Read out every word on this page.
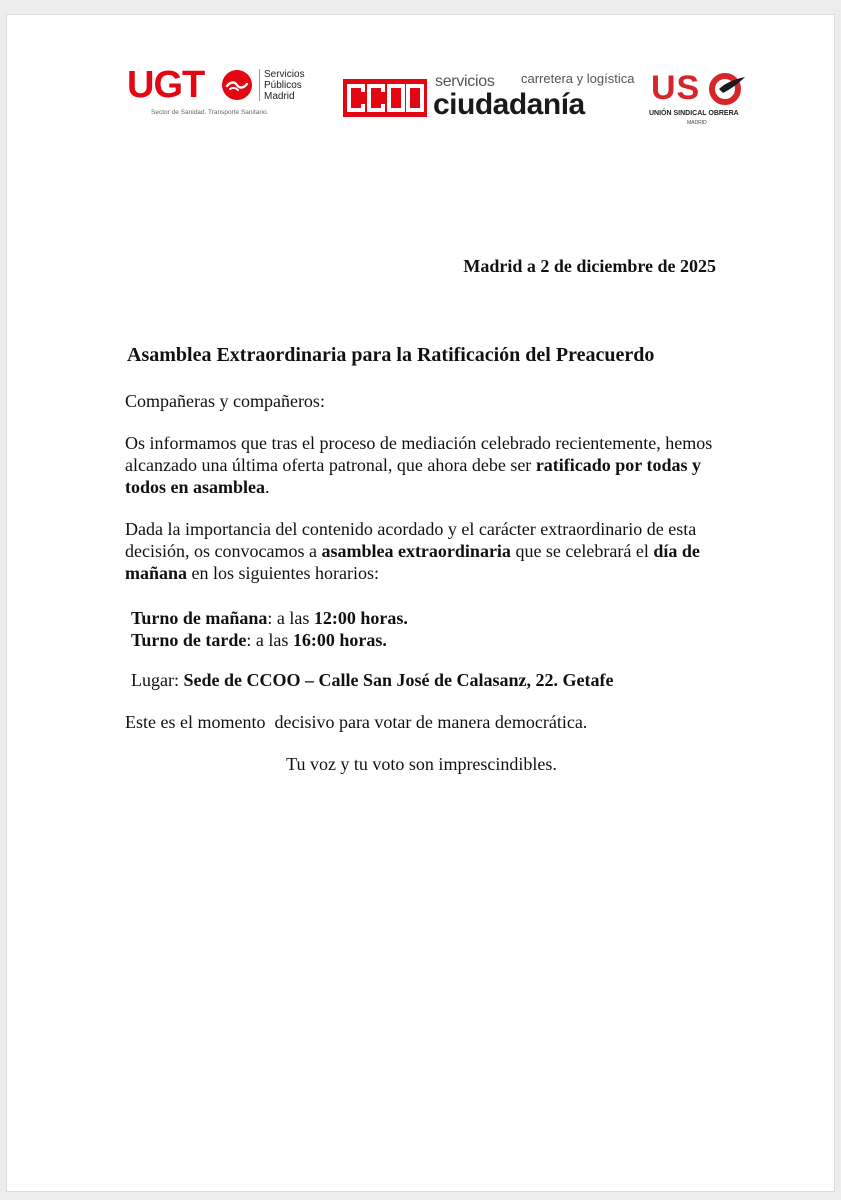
UGT	Servicios
Públicos
Madrid
Sector de Sanidad. Transporte Sanitario.
servicios
ciudadanía
carretera y logística US
UNIÓN SINDICAL OBRERA
MADRID
Madrid a 2 de diciembre de 2025
Asamblea Extraordinaria para la Ratificación del Preacuerdo
Compañeras y compañeros:
Os informamos que tras el proceso de mediación celebrado recientemente, hemos alcanzado una última oferta patronal, que ahora debe ser ratificado por todas y todos en asamblea.
Dada la importancia del contenido acordado y el carácter extraordinario de esta decisión, os convocamos a asamblea extraordinaria que se celebrará el día de mañana en los siguientes horarios:
Turno de mañana: a las 12:00 horas.
Turno de tarde: a las 16:00 horas.
Lugar: Sede de CCOO – Calle San José de Calasanz, 22. Getafe
Este es el momento  decisivo para votar de manera democrática.
Tu voz y tu voto son imprescindibles.
